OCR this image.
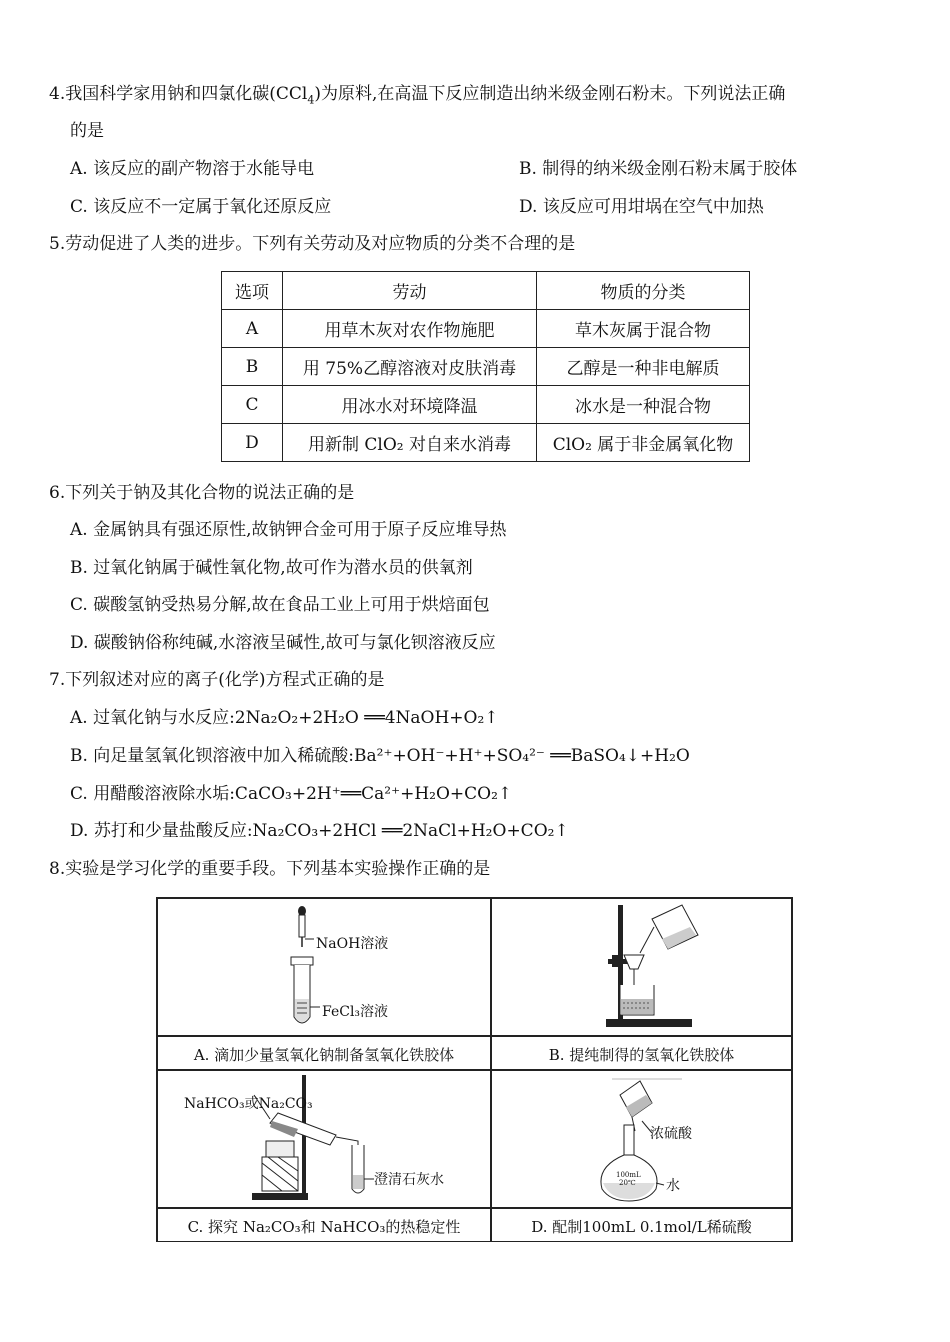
4.我国科学家用钠和四氯化碳(CCl$_4$)为原料,在高温下反应制造出纳米级金刚石粉末。下列说法正确
的是
A. 该反应的副产物溶于水能导电	B. 制得的纳米级金刚石粉末属于胶体
C. 该反应不一定属于氧化还原反应	D. 该反应可用坩埚在空气中加热
5.劳动促进了人类的进步。下列有关劳动及对应物质的分类不合理的是
选项	劳动	物质的分类
A	用草木灰对农作物施肥	草木灰属于混合物
B	用 75%乙醇溶液对皮肤消毒	乙醇是一种非电解质
C	用冰水对环境降温	冰水是一种混合物
D	用新制 ClO₂ 对自来水消毒	ClO₂ 属于非金属氧化物
6.下列关于钠及其化合物的说法正确的是
A. 金属钠具有强还原性,故钠钾合金可用于原子反应堆导热
B. 过氧化钠属于碱性氧化物,故可作为潜水员的供氧剂
C. 碳酸氢钠受热易分解,故在食品工业上可用于烘焙面包
D. 碳酸钠俗称纯碱,水溶液呈碱性,故可与氯化钡溶液反应
7.下列叙述对应的离子(化学)方程式正确的是
A. 过氧化钠与水反应:2Na₂O₂+2H₂O ══4NaOH+O₂↑
B. 向足量氢氧化钡溶液中加入稀硫酸:Ba²⁺+OH⁻+H⁺+SO₄²⁻ ══BaSO₄↓+H₂O
C. 用醋酸溶液除水垢:CaCO₃+2H⁺══Ca²⁺+H₂O+CO₂↑
D. 苏打和少量盐酸反应:Na₂CO₃+2HCl ══2NaCl+H₂O+CO₂↑
8.实验是学习化学的重要手段。下列基本实验操作正确的是
NaOH溶液
FeCl₃溶液
A. 滴加少量氢氧化钠制备氢氧化铁胶体	B. 提纯制得的氢氧化铁胶体
NaHCO₃或Na₂CO₃
澄清石灰水
C. 探究 Na₂CO₃和 NaHCO₃的热稳定性
浓硫酸
水
100mL
20℃
D. 配制100mL 0.1mol/L稀硫酸
